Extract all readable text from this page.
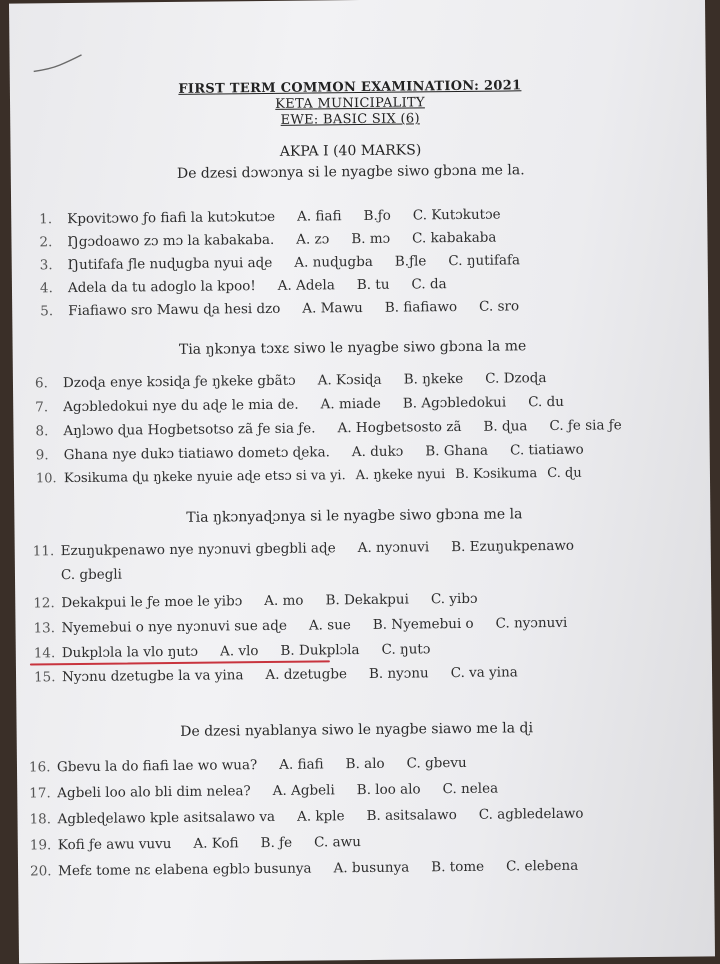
FIRST TERM COMMON EXAMINATION: 2021
KETA MUNICIPALITY
EWE: BASIC SIX (6)
AKPA I (40 MARKS)
De dzesi dɔwɔnya si le nyagbe siwo gbɔna me la.
1. Kpovitɔwo ƒo fiafi la kutɔkutɔe A. fiafi B.ƒo C. Kutɔkutɔe
2. Ŋgɔdoawo zɔ mɔ la kabakaba. A. zɔ B. mɔ C. kabakaba
3. Ŋutifafa ƒle nuɖugba nyui aɖe A. nuɖugba B.ƒle C. ŋutifafa
4. Adela da tu adoglo la kpoo! A. Adela B. tu C. da
5. Fiafiawo sro Mawu ɖa hesi dzo A. Mawu B. fiafiawo C. sro
Tia ŋkɔnya tɔxɛ siwo le nyagbe siwo gbɔna la me
6. Dzoɖa enye kɔsiɖa ƒe ŋkeke gbãtɔ A. Kɔsiɖa B. ŋkeke C. Dzoɖa
7. Agɔbledokui nye du aɖe le mia de. A. miade B. Agɔbledokui C. du
8. Aŋlɔwo ɖua Hogbetsotso zã ƒe sia ƒe. A. Hogbetsosto zã B. ɖua C. ƒe sia ƒe
9. Ghana nye dukɔ tiatiawo dometɔ ɖeka. A. dukɔ B. Ghana C. tiatiawo
10. Kɔsikuma ɖu ŋkeke nyuie aɖe etsɔ si va yi. A. ŋkeke nyui B. Kɔsikuma C. ɖu
Tia ŋkɔnyaɖɔnya si le nyagbe siwo gbɔna me la
11. Ezuŋukpenawo nye nyɔnuvi gbegbli aɖe A. nyɔnuvi B. Ezuŋukpenawo
C. gbegli
12. Dekakpui le ƒe moe le yibɔ A. mo B. Dekakpui C. yibɔ
13. Nyemebui o nye nyɔnuvi sue aɖe A. sue B. Nyemebui o C. nyɔnuvi
14. Dukplɔla la vlo ŋutɔ A. vlo B. Dukplɔla C. ŋutɔ
15. Nyɔnu dzetugbe la va yina A. dzetugbe B. nyɔnu C. va yina
De dzesi nyablanya siwo le nyagbe siawo me la ɖi
16. Gbevu la do fiafi lae wo wua? A. fiafi B. alo C. gbevu
17. Agbeli loo alo bli dim nelea? A. Agbeli B. loo alo C. nelea
18. Agbleɖelawo kple asitsalawo va A. kple B. asitsalawo C. agbledelawo
19. Kofi ƒe awu vuvu A. Kofi B. ƒe C. awu
20. Mefɛ tome nɛ elabena egblɔ busunya A. busunya B. tome C. elebena
